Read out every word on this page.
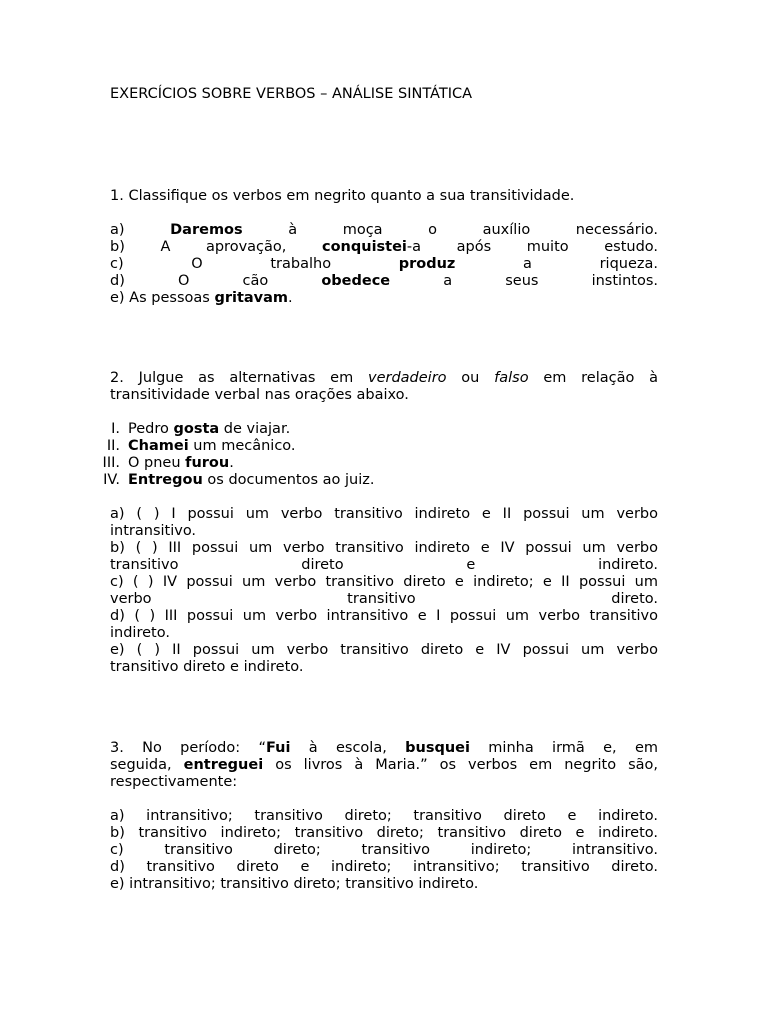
EXERCÍCIOS SOBRE VERBOS – ANÁLISE SINTÁTICA
1. Classifique os verbos em negrito quanto a sua transitividade.
a) Daremos à moça o auxílio necessário.
b) A aprovação, conquistei-a após muito estudo.
c) O trabalho produz a riqueza.
d) O cão obedece a seus instintos.
e) As pessoas gritavam.
2. Julgue as alternativas em verdadeiro ou falso em relação à
transitividade verbal nas orações abaixo.
I. Pedro gosta de viajar.
II. Chamei um mecânico.
III. O pneu furou.
IV. Entregou os documentos ao juiz.
a) ( ) I possui um verbo transitivo indireto e II possui um verbo
intransitivo.
b) ( ) III possui um verbo transitivo indireto e IV possui um verbo
transitivo direto e indireto.
c) ( ) IV possui um verbo transitivo direto e indireto; e II possui um
verbo transitivo direto.
d) ( ) III possui um verbo intransitivo e I possui um verbo transitivo
indireto.
e) ( ) II possui um verbo transitivo direto e IV possui um verbo
transitivo direto e indireto.
3. No período: “Fui à escola, busquei minha irmã e, em
seguida, entreguei os livros à Maria.” os verbos em negrito são,
respectivamente:
a) intransitivo; transitivo direto; transitivo direto e indireto.
b) transitivo indireto; transitivo direto; transitivo direto e indireto.
c) transitivo direto; transitivo indireto; intransitivo.
d) transitivo direto e indireto; intransitivo; transitivo direto.
e) intransitivo; transitivo direto; transitivo indireto.
